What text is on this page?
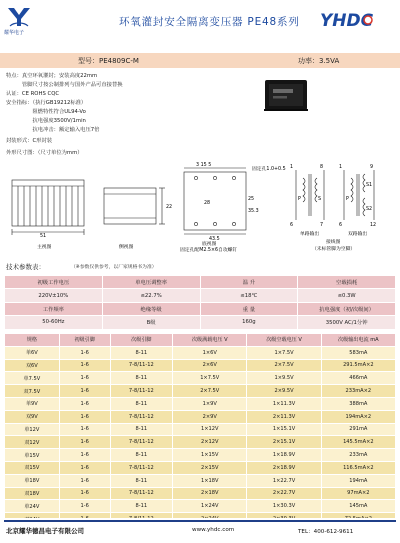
耀华电子
环氧灌封安全隔离变压器 PE48系列 YHDC
型号：PE4809C-M	功率：3.5VA
特点：真空环氧灌封；安装高度22mm
　　　管脚尺寸按公制排列与国外产品可直接替换
认证：CE ROHS CQC
安全指标：（执行GB19212标准）
　　　　　阻燃特性符合UL94-Vo
　　　　　抗电强度3500V/1min
　　　　　抗电冲击：额定输入电压7倍
封装形式：C形封装
外形尺寸图：（尺寸单位为mm）
51
主视图
22
侧视图
3 15 5
28
43.5
固定孔1.0+0.5
25
35.3
底视图
固定孔配M2.5×6自攻螺钉
1	8
6	7
P	S
1	9
6	12
P
S1
S2
单路输出	双路输出
接线图
（未标管脚为空脚）
技术参数表：	（※参数仅供参考，以厂家规格书为准）
初级工作电压	单电压调整率	温 升	空载损耗
220V±10%	≤22.7%	≤18℃	≤0.3W
工作频率	绝缘等级	重 量	抗电强度（初/次级间）
50-60Hz	B级	160g	3500V AC/1分钟
规格	初级引脚	次级引脚	次级满载电压 V	次级空载电压 V	次级输出电流 mA
单6V	1-6	8-11	1×6V	1×7.5V	583mA
双6V	1-6	7-8/11-12	2×6V	2×7.5V	291.5mA×2
单7.5V	1-6	8-11	1×7.5V	1×9.5V	466mA
双7.5V	1-6	7-8/11-12	2×7.5V	2×9.5V	233mA×2
单9V	1-6	8-11	1×9V	1×11.3V	388mA
双9V	1-6	7-8/11-12	2×9V	2×11.3V	194mA×2
单12V	1-6	8-11	1×12V	1×15.1V	291mA
双12V	1-6	7-8/11-12	2×12V	2×15.1V	145.5mA×2
单15V	1-6	8-11	1×15V	1×18.9V	233mA
双15V	1-6	7-8/11-12	2×15V	2×18.9V	116.5mA×2
单18V	1-6	8-11	1×18V	1×22.7V	194mA
双18V	1-6	7-8/11-12	2×18V	2×22.7V	97mA×2
单24V	1-6	8-11	1×24V	1×30.3V	145mA

北京耀华德昌电子有限公司	www.yhdc.com	TEL：400-612-9611
